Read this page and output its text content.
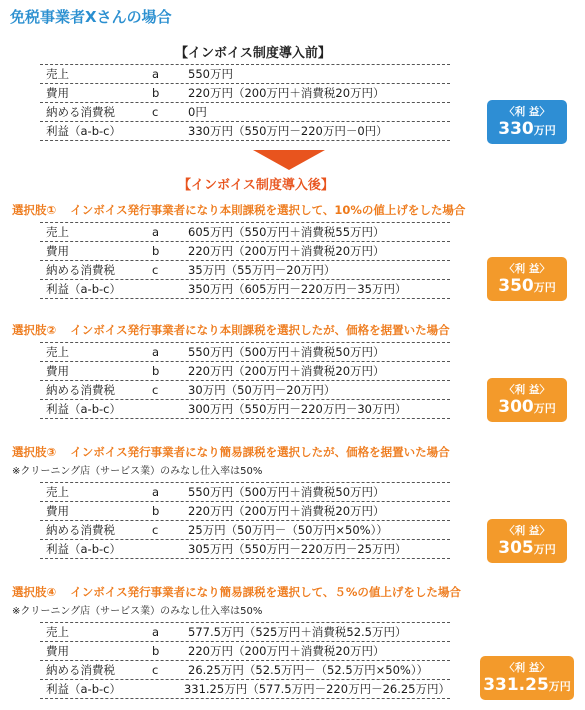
免税事業者Xさんの場合
【インボイス制度導入前】
売上	a	550万円
費用	b	220万円（200万円＋消費税20万円）
納める消費税	c	0円
利益（a-b-c）	330万円（550万円－220万円－0円）
〈利 益〉
330万円
【インボイス制度導入後】
選択肢① インボイス発行事業者になり本則課税を選択して、10%の値上げをした場合
売上	a	605万円（550万円＋消費税55万円）
費用	b	220万円（200万円＋消費税20万円）
納める消費税	c	35万円（55万円－20万円）
利益（a-b-c）	350万円（605万円－220万円－35万円）
〈利 益〉
350万円
選択肢② インボイス発行事業者になり本則課税を選択したが、価格を据置いた場合
売上	a	550万円（500万円＋消費税50万円）
費用	b	220万円（200万円＋消費税20万円）
納める消費税	c	30万円（50万円－20万円）
利益（a-b-c）	300万円（550万円－220万円－30万円）
〈利 益〉
300万円
選択肢③ インボイス発行事業者になり簡易課税を選択したが、価格を据置いた場合
※クリーニング店（サービス業）のみなし仕入率は50%
売上	a	550万円（500万円＋消費税50万円）
費用	b	220万円（200万円＋消費税20万円）
納める消費税	c	25万円（50万円－（50万円×50%））
利益（a-b-c）	305万円（550万円－220万円－25万円）
〈利 益〉
305万円
選択肢④ インボイス発行事業者になり簡易課税を選択して、５%の値上げをした場合
※クリーニング店（サービス業）のみなし仕入率は50%
売上	a	577.5万円（525万円＋消費税52.5万円）
費用	b	220万円（200万円＋消費税20万円）
納める消費税	c	26.25万円（52.5万円－（52.5万円×50%））
利益（a-b-c）	331.25万円（577.5万円－220万円－26.25万円）
〈利 益〉
331.25万円
